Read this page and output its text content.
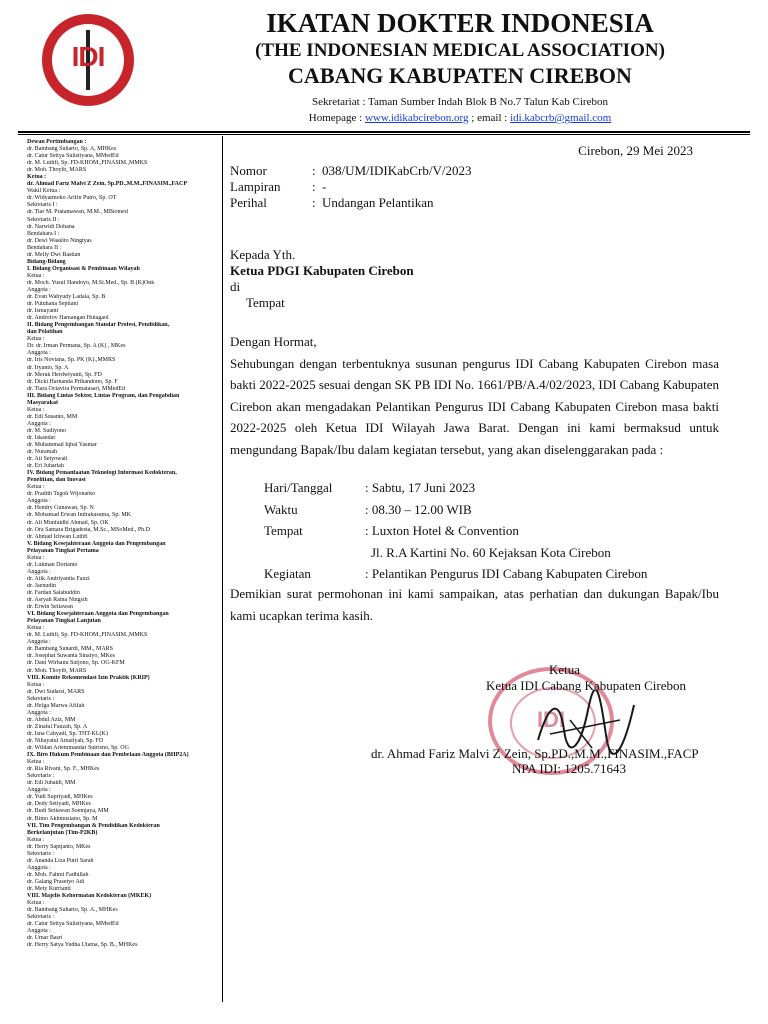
IDI
IKATAN DOKTER INDONESIA
(THE INDONESIAN MEDICAL ASSOCIATION)
CABANG KABUPATEN CIREBON
Sekretariat : Taman Sumber Indah Blok B No.7 Talun Kab Cirebon
Homepage : www.idikabcirebon.org ; email : idi.kabcrb@gmail.com
Dewan Pertimbangan :
dr. Bambang Suharto, Sp. A, MHKes
dr. Catur Setiya Sulistiyana, MMedEd
dr. M. Luthfi, Sp. FD-KHOM.,FINASIM.,MMKS
dr. Moh. Thoyib, MARS
Ketua :
dr. Ahmad Fariz Malvi Z Zein, Sp.PD.,M.M.,FINASIM.,FACP
Wakil Ketua :
dr. Widyatmoko Arifin Putro, Sp. OT
Sekretaris I :
dr. Tiar M. Pratamawan, M.M., MBiomed
Sekretaris II :
dr. Narwidi Dohana
Bendahara I :
dr. Dewi Waskito Ningtyas
Bendahara II :
dr. Melly Dwi Bastian
Bidang-Bidang
I. Bidang Organisasi & Pembinaan Wilayah
Ketua :
dr. Moch. Yusuf Handoyo, M.Si.Med., Sp. B (K)Onk
Anggota :
dr. Evan Wahyudy Ladala, Sp. B
dr. Putuhana Septiani
dr. Ismayanti
dr. Androfov Hamangan Hutagaol
II. Bidang Pengembangan Standar Profesi, Pendidikan,
dan Pelatihan
Ketua :
Dr. dr. Irman Permana, Sp. A (K) , MKes
Anggota :
dr. Iris Noviana, Sp. PK (K).,MMRS
dr. Iryanto, Sp. A
dr. Merak Herdwiyanti, Sp. FD
dr. Dicki Harnanda Prihandono, Sp. F
dr. Tiara Octavira Permatasari, MMedEd
III. Bidang Lintas Sektor, Lintas Program, dan Pengabdian
Masyarakat
Ketua :
dr. Edi Susanto, MM
Anggota :
dr. M. Sudiyono
dr. Iskandar
dr. Muhammad Iqbal Yasmar
dr. Nuramah
dr. Ati Setyowati
dr. Eri Juhariah
IV. Bidang Pemanfaatan Teknologi Informasi Kedokteran,
Penelitian, dan Inovasi
Ketua :
dr. Pradith Tegoh Wijonarko
Anggota :
dr. Hendry Gunawan, Sp. N
dr. Mohamad Erwan Indrakusuma, Sp. MK
dr. Ali Munfaidhi Ahmad, Sp. OK
dr. Ora Samara Brigadesta, M.Sc., MSoMed., Ph.D
dr. Ahmad Ichwan Luthfi
V. Bidang Kesejahteraan Anggota dan Pengembangan
Pelayanan Tingkat Pertama
Ketua :
dr. Lukman Dorianto
Anggota :
dr. Atik Andriyanita Fauzi
dr. Jaenudin
dr. Fardan Salahuddin
dr. Asryah Ratna Ningsih
dr. Erwin Setiawan
VI. Bidang Kesejahteraan Anggota dan Pengembangan
Pelayanan Tingkat Lanjutan
Ketua :
dr. M. Luthfi, Sp. FD-KHOM.,FINASIM.,MMKS
Anggota :
dr. Bambang Sunardi, MM., MARS
dr. Josephat Suwanta Sinaiyo, MKes
dr. Dani Wirhanu Sutjono, Sp. OG-KFM
dr. Moh. Thoyib, MARS
VIII. Komite Rekomendasi Izin Praktik (KRIP)
Ketua :
dr. Dwi Sudarsi, MARS
Sekretaris :
dr. Helga Marwa Afifah
Anggota :
dr. Abdul Aziz, MM
dr. Zinatul Fauzah, Sp. A
dr. Isna Cahyadi, Sp. THT-KL(K)
dr. Nihayatul Amaliyah, Sp. FD
dr. Wildan Ariemmandar Sutrisno, Sp. OG
IX. Biro Hukum Pembinaan dan Pembelaan Anggota (BHP2A)
Ketua :
dr. Ria Rivani, Sp. F., MHKes
Sekretaris :
dr. Edi Jubaidi, MM
Anggota :
dr. Yudi Supriyadi, MHKes
dr. Dedy Setiyadi, MHKes
dr. Budi Setiawan Soemjaya, MM
dr. Bimo Akhmusiano, Sp. M
VII. Tim Pengembangan & Pendidikan Kedokteran
Berkelanjutan (Tim-P2KB)
Ketua :
dr. Herry Saptjanto, MKes
Sekretaris :
dr. Ananda Liza Putri Sarah
Anggota :
dr. Moh. Fahmi Fadhillah
dr. Galang Prasetyo Adi
dr. Mety Kurrianti
VIII. Majelis Kehormatan Kedokteran (MKEK)
Ketua :
dr. Bambang Suharto, Sp. A., MHKes
Sekretaris :
dr. Catur Setiya Sulistiyana, MMedEd
Anggota :
dr. Umar Basri
dr. Herry Satya Yudha Utama, Sp. B., MHKes
Cirebon, 29 Mei 2023
Nomor	: 038/UM/IDIKabCrb/V/2023
Lampiran : -
Perihal	: Undangan Pelantikan
Kepada Yth.
Ketua PDGI Kabupaten Cirebon
di
Tempat

Dengan Hormat,

Sehubungan dengan terbentuknya susunan pengurus IDI Cabang Kabupaten Cirebon masa bakti 2022-2025 sesuai dengan SK PB IDI No. 1661/PB/A.4/02/2023, IDI Cabang Kabupaten Cirebon akan mengadakan Pelantikan Pengurus IDI Cabang Kabupaten Cirebon masa bakti 2022-2025 oleh Ketua IDI Wilayah Jawa Barat. Dengan ini kami bermaksud untuk mengundang Bapak/Ibu dalam kegiatan tersebut, yang akan diselenggarakan pada :

Hari/Tanggal	: Sabtu, 17 Juni 2023
Waktu	: 08.30 – 12.00 WIB
Tempat	: Luxton Hotel & Convention
Jl. R.A Kartini No. 60 Kejaksan Kota Cirebon
Kegiatan	: Pelantikan Pengurus IDI Cabang Kabupaten Cirebon
Demikian surat permohonan ini kami sampaikan, atas perhatian dan dukungan Bapak/Ibu kami ucapkan terima kasih.
IDI
Ketua
Ketua IDI Cabang Kabupaten Cirebon
dr. Ahmad Fariz Malvi Z Zein, Sp.PD.,M.M.,FINASIM.,FACP
NPA IDI: 1205.71643
